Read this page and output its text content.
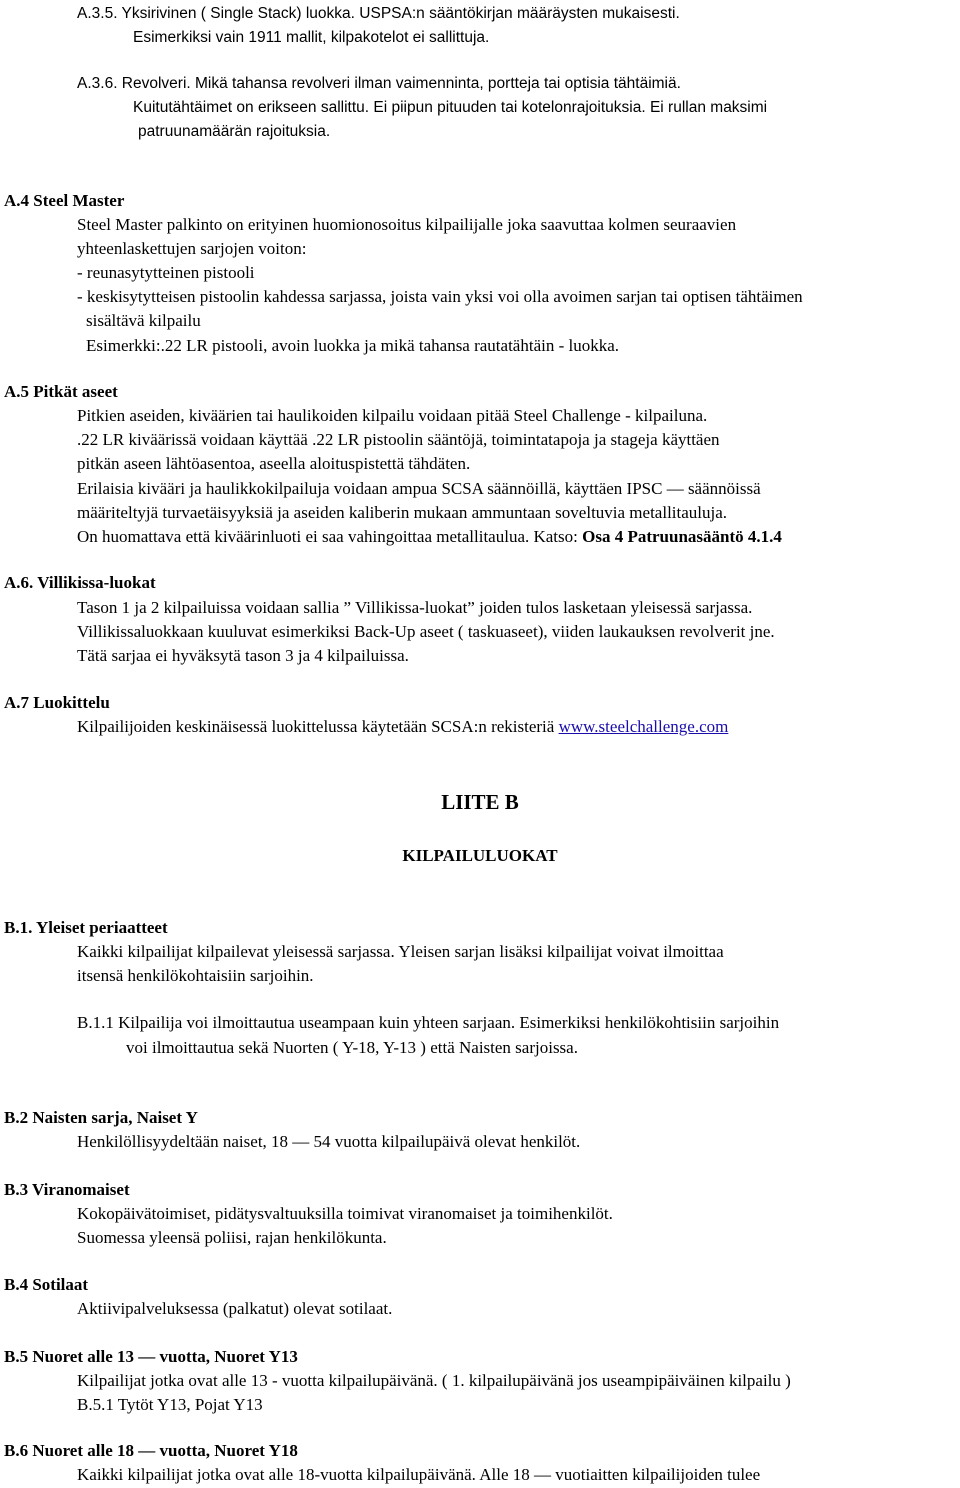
A.3.5. Yksirivinen ( Single Stack) luokka. USPSA:n sääntökirjan määräysten mukaisesti.
Esimerkiksi vain 1911 mallit, kilpakotelot ei sallittuja.
A.3.6. Revolveri. Mikä tahansa revolveri ilman vaimenninta, portteja tai optisia tähtäimiä.
Kuitutähtäimet on erikseen sallittu. Ei piipun pituuden tai kotelonrajoituksia. Ei rullan maksimi
patruunamäärän rajoituksia.
A.4 Steel Master
Steel Master palkinto on erityinen huomionosoitus kilpailijalle joka saavuttaa kolmen seuraavien
yhteenlaskettujen sarjojen voiton:
- reunasytytteinen pistooli
- keskisytytteisen pistoolin kahdessa sarjassa, joista vain yksi voi olla avoimen sarjan tai optisen tähtäimen
sisältävä kilpailu
Esimerkki:.22 LR pistooli, avoin luokka ja mikä tahansa rautatähtäin - luokka.
A.5 Pitkät aseet
Pitkien aseiden, kiväärien tai haulikoiden kilpailu voidaan pitää Steel Challenge - kilpailuna.
.22 LR kiväärissä voidaan käyttää .22 LR pistoolin sääntöjä, toimintatapoja ja stageja käyttäen
pitkän aseen lähtöasentoa, aseella aloituspistettä tähdäten.
Erilaisia kivääri ja haulikkokilpailuja voidaan ampua SCSA säännöillä, käyttäen IPSC — säännöissä
määriteltyjä turvaetäisyyksiä ja aseiden kaliberin mukaan ammuntaan soveltuvia metallitauluja.
On huomattava että kiväärinluoti ei saa vahingoittaa metallitaulua. Katso: Osa 4 Patruunasääntö 4.1.4
A.6. Villikissa-luokat
Tason 1 ja 2 kilpailuissa voidaan sallia ” Villikissa-luokat” joiden tulos lasketaan yleisessä sarjassa.
Villikissaluokkaan kuuluvat esimerkiksi Back-Up aseet ( taskuaseet), viiden laukauksen revolverit jne.
Tätä sarjaa ei hyväksytä tason 3 ja 4 kilpailuissa.
A.7 Luokittelu
Kilpailijoiden keskinäisessä luokittelussa käytetään SCSA:n rekisteriä www.steelchallenge.com
LIITE B
KILPAILULUOKAT
B.1. Yleiset periaatteet
Kaikki kilpailijat kilpailevat yleisessä sarjassa. Yleisen sarjan lisäksi kilpailijat voivat ilmoittaa
itsensä henkilökohtaisiin sarjoihin.
B.1.1 Kilpailija voi ilmoittautua useampaan kuin yhteen sarjaan. Esimerkiksi henkilökohtisiin sarjoihin
voi ilmoittautua sekä Nuorten ( Y-18, Y-13 ) että Naisten sarjoissa.
B.2 Naisten sarja, Naiset Y
Henkilöllisyydeltään naiset, 18 — 54 vuotta kilpailupäivä olevat henkilöt.
B.3 Viranomaiset
Kokopäivätoimiset, pidätysvaltuuksilla toimivat viranomaiset ja toimihenkilöt.
Suomessa yleensä poliisi, rajan henkilökunta.
B.4 Sotilaat
Aktiivipalveluksessa (palkatut) olevat sotilaat.
B.5 Nuoret alle 13 — vuotta, Nuoret Y13
Kilpailijat jotka ovat alle 13 - vuotta kilpailupäivänä. ( 1. kilpailupäivänä jos useampipäiväinen kilpailu )
B.5.1 Tytöt Y13, Pojat Y13
B.6 Nuoret alle 18 — vuotta, Nuoret Y18
Kaikki kilpailijat jotka ovat alle 18-vuotta kilpailupäivänä. Alle 18 — vuotiaitten kilpailijoiden tulee
